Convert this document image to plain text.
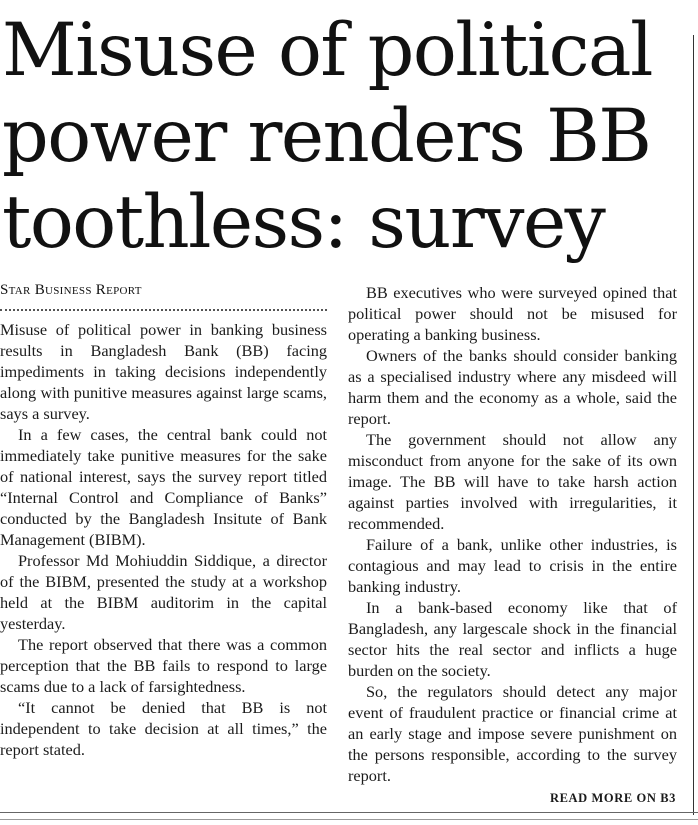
Misuse of political
power renders BB
toothless: survey
Star Business Report

Misuse of political power in banking business results in Bangladesh Bank (BB) facing impediments in taking decisions independently along with punitive measures against large scams, says a survey.

In a few cases, the central bank could not immediately take punitive measures for the sake of national interest, says the survey report titled “Internal Control and Compliance of Banks” conducted by the Bangladesh Insitute of Bank Management (BIBM).

Professor Md Mohiuddin Siddique, a director of the BIBM, presented the study at a workshop held at the BIBM auditorim in the capital yesterday.

The report observed that there was a common perception that the BB fails to respond to large scams due to a lack of farsightedness.

“It cannot be denied that BB is not independent to take decision at all times,” the report stated.

BB executives who were surveyed opined that political power should not be misused for operating a banking business.

Owners of the banks should consider banking as a specialised industry where any misdeed will harm them and the economy as a whole, said the report.

The government should not allow any misconduct from anyone for the sake of its own image. The BB will have to take harsh action against parties involved with irregularities, it recommended.

Failure of a bank, unlike other industries, is contagious and may lead to crisis in the entire banking industry.

In a bank-based economy like that of Bangladesh, any largescale shock in the financial sector hits the real sector and inflicts a huge burden on the society.

So, the regulators should detect any major event of fraudulent practice or financial crime at an early stage and impose severe punishment on the persons responsible, according to the survey report.

READ MORE ON B3
